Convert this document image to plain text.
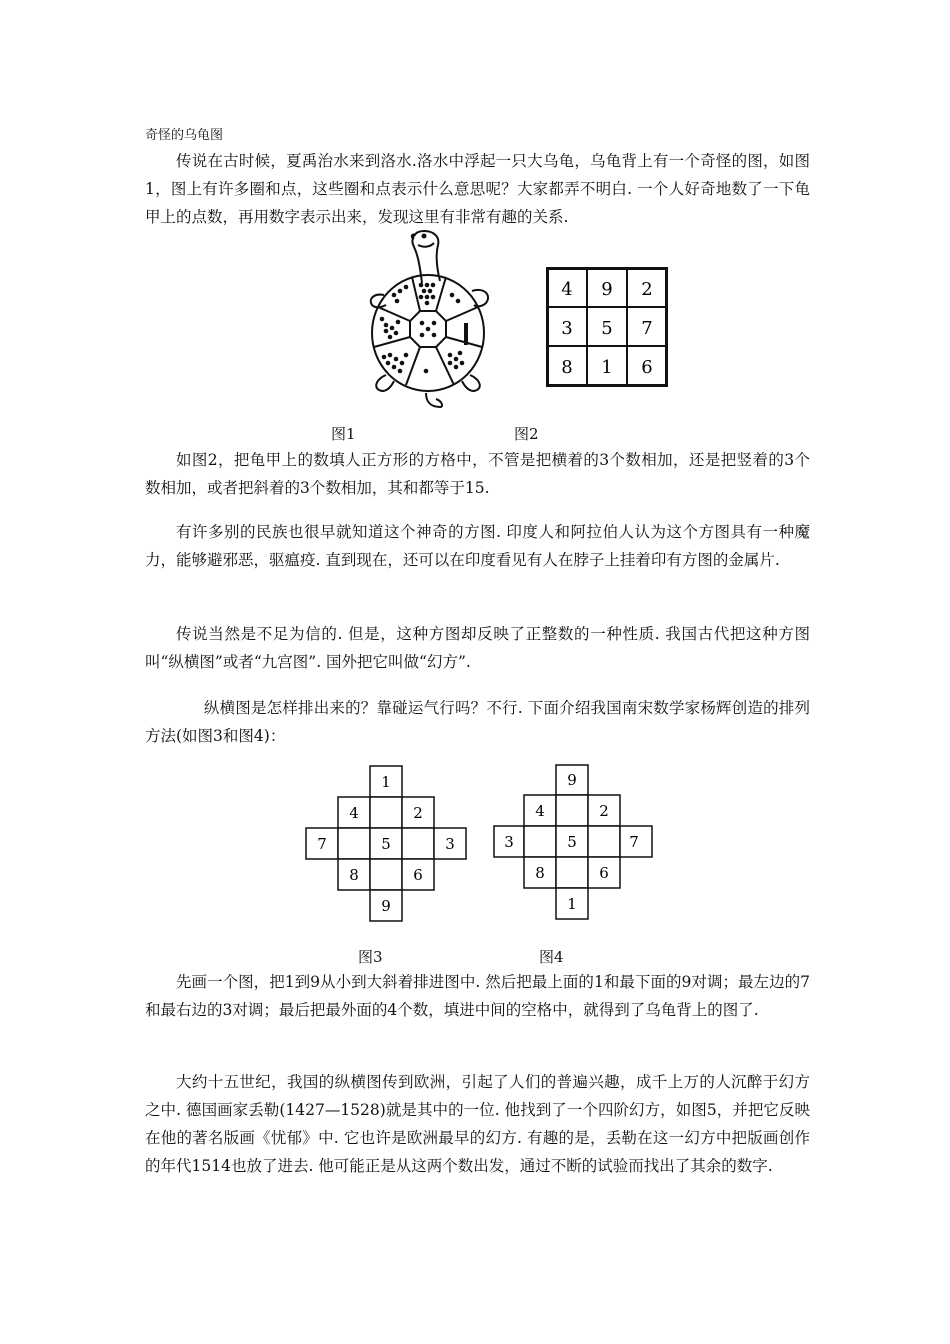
奇怪的乌龟图

传说在古时候，夏禹治水来到洛水.洛水中浮起一只大乌龟，乌龟背上有一个奇怪的图，如图1，图上有许多圈和点，这些圈和点表示什么意思呢？大家都弄不明白. 一个人好奇地数了一下龟甲上的点数，再用数字表示出来，发现这里有非常有趣的关系.

4 9 2
3 5 7
8 1 6
图1	图2

如图2，把龟甲上的数填人正方形的方格中，不管是把横着的3个数相加，还是把竖着的3个数相加，或者把斜着的3个数相加，其和都等于15.

有许多别的民族也很早就知道这个神奇的方图. 印度人和阿拉伯人认为这个方图具有一种魔力，能够避邪恶，驱瘟疫. 直到现在，还可以在印度看见有人在脖子上挂着印有方图的金属片.

传说当然是不足为信的. 但是，这种方图却反映了正整数的一种性质. 我国古代把这种方图叫“纵横图”或者“九宫图”. 国外把它叫做“幻方”.

纵横图是怎样排出来的？靠碰运气行吗？不行. 下面介绍我国南宋数学家杨辉创造的排列方法(如图3和图4)：

1
4	2
7	5	3
8	6
9
9
4	2
3	5	7
8	6
1
图3	图4

先画一个图，把1到9从小到大斜着排进图中. 然后把最上面的1和最下面的9对调；最左边的7和最右边的3对调；最后把最外面的4个数，填进中间的空格中，就得到了乌龟背上的图了.

大约十五世纪，我国的纵横图传到欧洲，引起了人们的普遍兴趣，成千上万的人沉醉于幻方之中. 德国画家丢勒(1427—1528)就是其中的一位. 他找到了一个四阶幻方，如图5，并把它反映在他的著名版画《忧郁》中. 它也许是欧洲最早的幻方. 有趣的是，丢勒在这一幻方中把版画创作的年代1514也放了进去. 他可能正是从这两个数出发，通过不断的试验而找出了其余的数字.
